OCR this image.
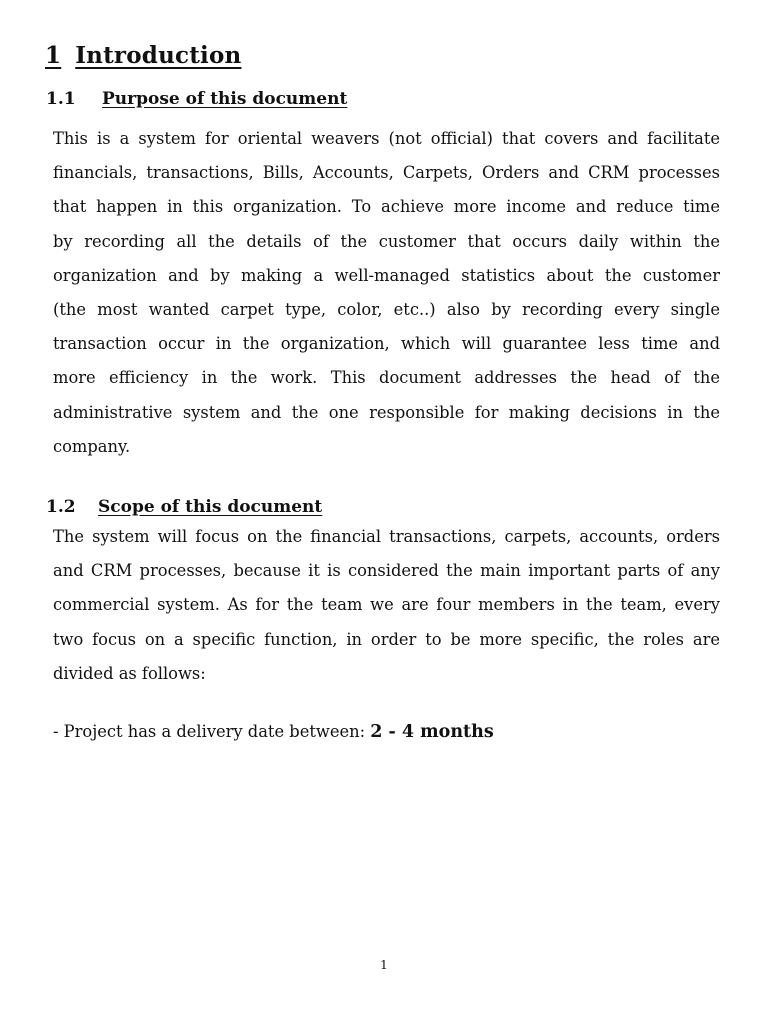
1 Introduction
1.1 Purpose of this document
This is a system for oriental weavers (not official) that covers and facilitate
financials, transactions, Bills, Accounts, Carpets, Orders and CRM processes
that happen in this organization. To achieve more income and reduce time
by recording all the details of the customer that occurs daily within the
organization and by making a well-managed statistics about the customer
(the most wanted carpet type, color, etc..) also by recording every single
transaction occur in the organization, which will guarantee less time and
more efficiency in the work. This document addresses the head of the
administrative system and the one responsible for making decisions in the
company.
1.2 Scope of this document
The system will focus on the financial transactions, carpets, accounts, orders
and CRM processes, because it is considered the main important parts of any
commercial system. As for the team we are four members in the team, every
two focus on a specific function, in order to be more specific, the roles are
divided as follows:
- Project has a delivery date between: 2 - 4 months
1
